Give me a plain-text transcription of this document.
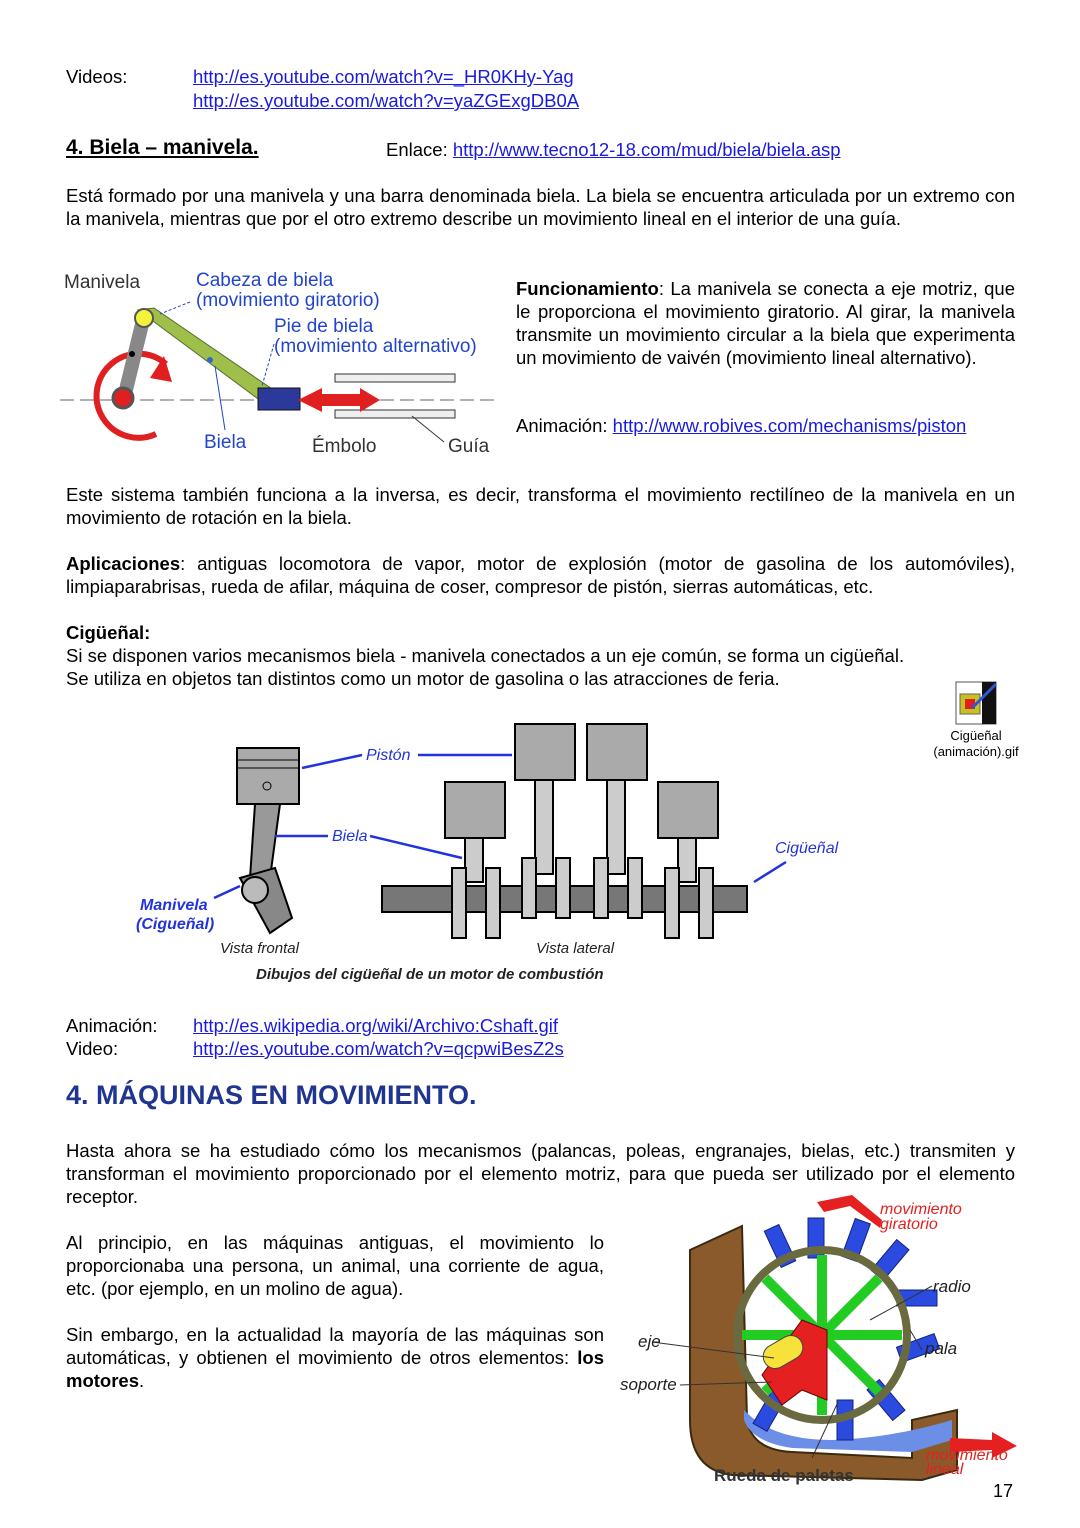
Videos:	http://es.youtube.com/watch?v=_HR0KHy-Yag
http://es.youtube.com/watch?v=yaZGExgDB0A
4. Biela – manivela.	Enlace: http://www.tecno12-18.com/mud/biela/biela.asp
Está formado por una manivela y una barra denominada biela. La biela se encuentra articulada por un extremo con la manivela, mientras que por el otro extremo describe un movimiento lineal en el interior de una guía.
Manivela	Cabeza de biela
(movimiento giratorio)
Pie de biela
(movimiento alternativo)
Biela	Émbolo	Guía
Funcionamiento: La manivela se conecta a eje motriz, que le proporciona el movimiento giratorio. Al girar, la manivela transmite un movimiento circular a la biela que experimenta un movimiento de vaivén (movimiento lineal alternativo).
Animación: http://www.robives.com/mechanisms/piston
Este sistema también funciona a la inversa, es decir, transforma el movimiento rectilíneo de la manivela en un movimiento de rotación en la biela.
Aplicaciones: antiguas locomotora de vapor, motor de explosión (motor de gasolina de los automóviles), limpiaparabrisas, rueda de afilar, máquina de coser, compresor de pistón, sierras automáticas, etc.
Cigüeñal:
Si se disponen varios mecanismos biela - manivela conectados a un eje común, se forma un cigüeñal.
Se utiliza en objetos tan distintos como un motor de gasolina o las atracciones de feria.
Cigüeñal (animación).gif
Pistón
Biela
Manivela
(Cigueñal)
Cigüeñal
Vista frontal	Vista lateral
Dibujos del cigüeñal de un motor de combustión
Animación: http://es.wikipedia.org/wiki/Archivo:Cshaft.gif
Video:	http://es.youtube.com/watch?v=qcpwiBesZ2s
4. MÁQUINAS EN MOVIMIENTO.
Hasta ahora se ha estudiado cómo los mecanismos (palancas, poleas, engranajes, bielas, etc.) transmiten y transforman el movimiento proporcionado por el elemento motriz, para que pueda ser utilizado por el elemento receptor.
Al principio, en las máquinas antiguas, el movimiento lo proporcionaba una persona, un animal, una corriente de agua, etc. (por ejemplo, en un molino de agua).
Sin embargo, en la actualidad la mayoría de las máquinas son automáticas, y obtienen el movimiento de otros elementos: los motores.
movimiento
giratorio
radio
pala
eje
soporte
movimiento
lineal
Rueda de paletas
17
